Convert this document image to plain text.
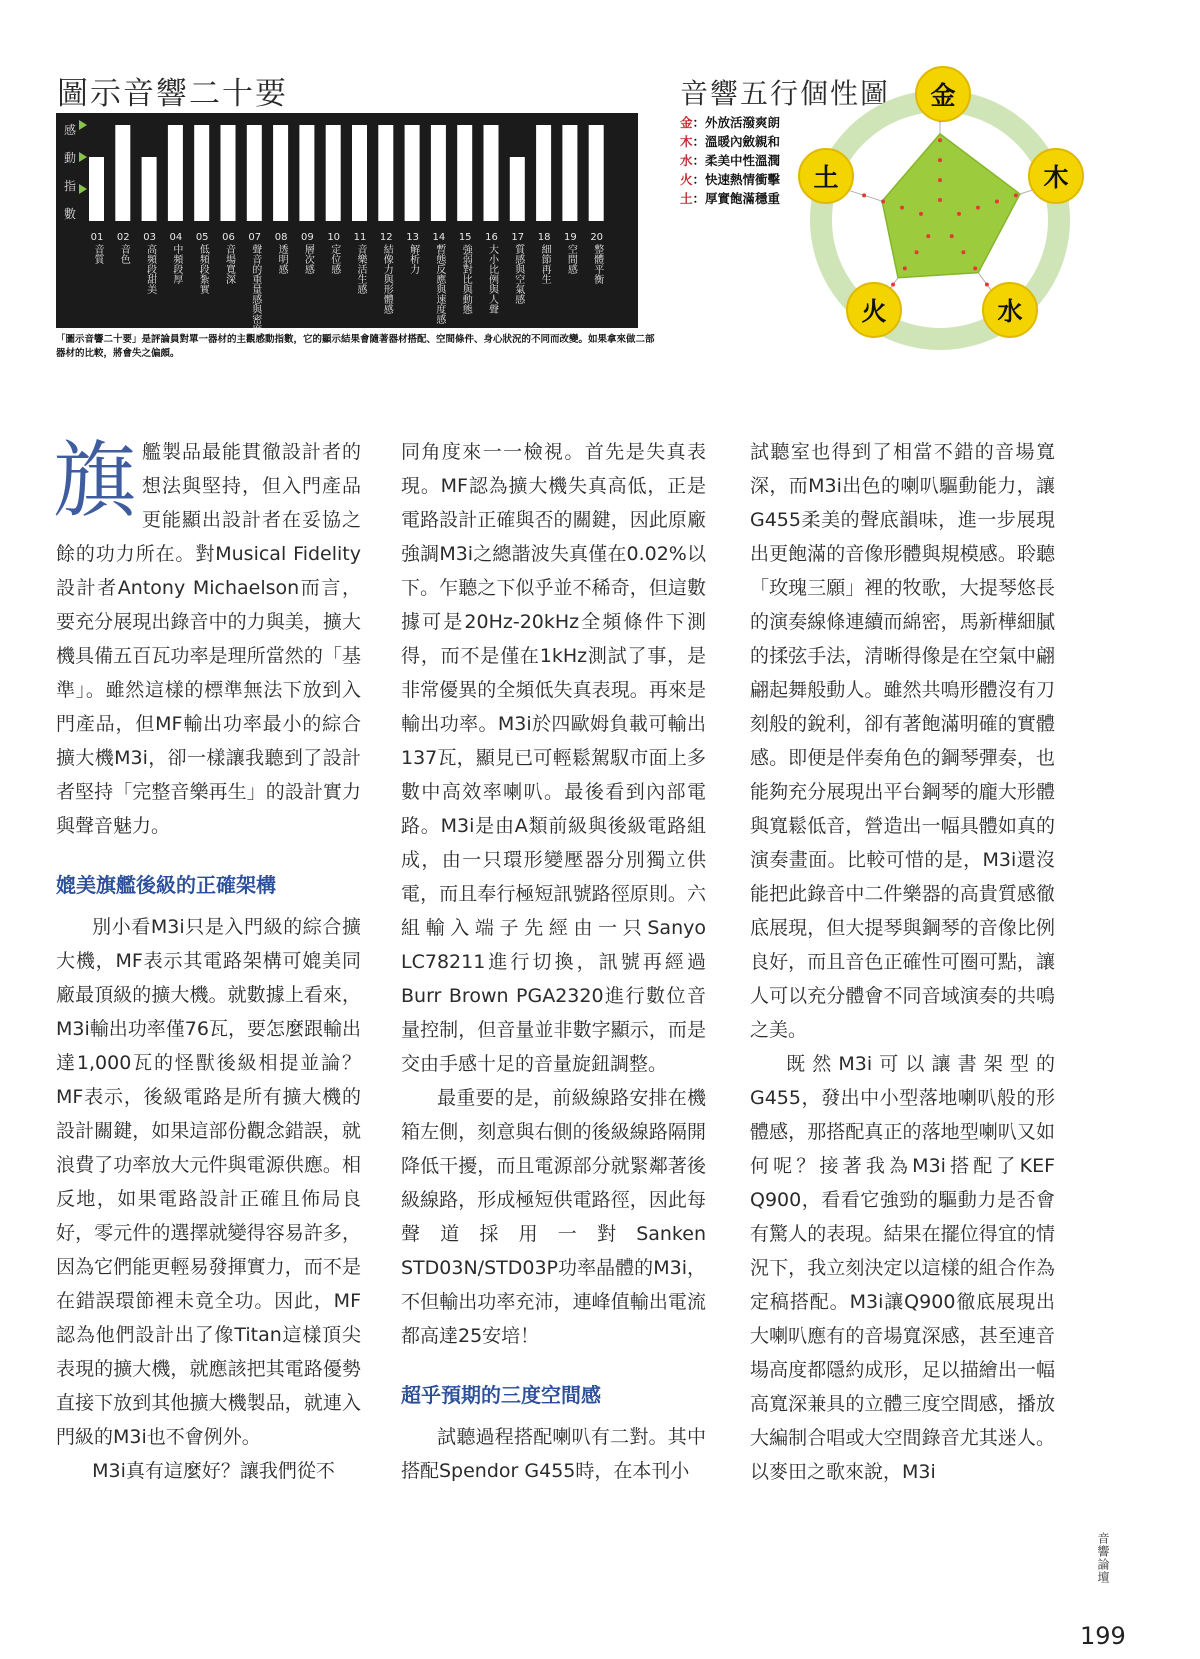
圖示音響二十要	音響五行個性圖
感
動
指
數
01
音質
02
音色
03
高頻段甜美
04
中頻段厚
05
低頻段紮實
06
音場寬深
07
聲音的重量感與密度
08
透明感
09
層次感
10
定位感
11
音樂活生感
12
結像力與形體感
13
解析力
14
暫態反應與速度感
15
強弱對比與動態
16
大小比例與人聲
17
質感與空氣感
18
細節再生
19
空間感
20
整體平衡
「圖示音響二十要」是評論員對單一器材的主觀感動指數，它的顯示結果會隨著器材搭配、空間條件、身心狀況的不同而改變。如果拿來做二部器材的比較，將會失之偏頗。
金：外放活潑爽朗
木：溫暖內斂親和
水：柔美中性溫潤
火：快速熱情衝擊
土：厚實飽滿穩重
金
木
水
火
土

旗艦製品最能貫徹設計者的想法與堅持，但入門產品更能顯出設計者在妥協之餘的功力所在。對Musical Fidelity設計者Antony Michaelson而言，要充分展現出錄音中的力與美，擴大機具備五百瓦功率是理所當然的「基準」。雖然這樣的標準無法下放到入門產品，但MF輸出功率最小的綜合擴大機M3i，卻一樣讓我聽到了設計者堅持「完整音樂再生」的設計實力與聲音魅力。

媲美旗艦後級的正確架構

別小看M3i只是入門級的綜合擴大機，MF表示其電路架構可媲美同廠最頂級的擴大機。就數據上看來，M3i輸出功率僅76瓦，要怎麼跟輸出達1,000瓦的怪獸後級相提並論？MF表示，後級電路是所有擴大機的設計關鍵，如果這部份觀念錯誤，就浪費了功率放大元件與電源供應。相反地，如果電路設計正確且佈局良好，零元件的選擇就變得容易許多，因為它們能更輕易發揮實力，而不是在錯誤環節裡未竟全功。因此，MF認為他們設計出了像Titan這樣頂尖表現的擴大機，就應該把其電路優勢直接下放到其他擴大機製品，就連入門級的M3i也不會例外。

M3i真有這麼好？讓我們從不

同角度來一一檢視。首先是失真表現。MF認為擴大機失真高低，正是電路設計正確與否的關鍵，因此原廠強調M3i之總諧波失真僅在0.02%以下。乍聽之下似乎並不稀奇，但這數據可是20Hz-20kHz全頻條件下測得，而不是僅在1kHz測試了事，是非常優異的全頻低失真表現。再來是輸出功率。M3i於四歐姆負載可輸出137瓦，顯見已可輕鬆駕馭市面上多數中高效率喇叭。最後看到內部電路。M3i是由A類前級與後級電路組成，由一只環形變壓器分別獨立供電，而且奉行極短訊號路徑原則。六組輸入端子先經由一只Sanyo LC78211進行切換，訊號再經過Burr Brown PGA2320進行數位音量控制，但音量並非數字顯示，而是交由手感十足的音量旋鈕調整。

最重要的是，前級線路安排在機箱左側，刻意與右側的後級線路隔開降低干擾，而且電源部分就緊鄰著後級線路，形成極短供電路徑，因此每聲道採用一對Sanken STD03N/STD03P功率晶體的M3i，不但輸出功率充沛，連峰值輸出電流都高達25安培！

超乎預期的三度空間感

試聽過程搭配喇叭有二對。其中搭配Spendor G455時，在本刊小

試聽室也得到了相當不錯的音場寬深，而M3i出色的喇叭驅動能力，讓G455柔美的聲底韻味，進一步展現出更飽滿的音像形體與規模感。聆聽「玫瑰三願」裡的牧歌，大提琴悠長的演奏線條連續而綿密，馬新樺細膩的揉弦手法，清晰得像是在空氣中翩翩起舞般動人。雖然共鳴形體沒有刀刻般的銳利，卻有著飽滿明確的實體感。即便是伴奏角色的鋼琴彈奏，也能夠充分展現出平台鋼琴的龐大形體與寬鬆低音，營造出一幅具體如真的演奏畫面。比較可惜的是，M3i還沒能把此錄音中二件樂器的高貴質感徹底展現，但大提琴與鋼琴的音像比例良好，而且音色正確性可圈可點，讓人可以充分體會不同音域演奏的共鳴之美。

既然M3i可以讓書架型的G455，發出中小型落地喇叭般的形體感，那搭配真正的落地型喇叭又如何呢？接著我為M3i搭配了KEF Q900，看看它強勁的驅動力是否會有驚人的表現。結果在擺位得宜的情況下，我立刻決定以這樣的組合作為定稿搭配。M3i讓Q900徹底展現出大喇叭應有的音場寬深感，甚至連音場高度都隱約成形，足以描繪出一幅高寬深兼具的立體三度空間感，播放大編制合唱或大空間錄音尤其迷人。以麥田之歌來說，M3i

音響論壇
199
